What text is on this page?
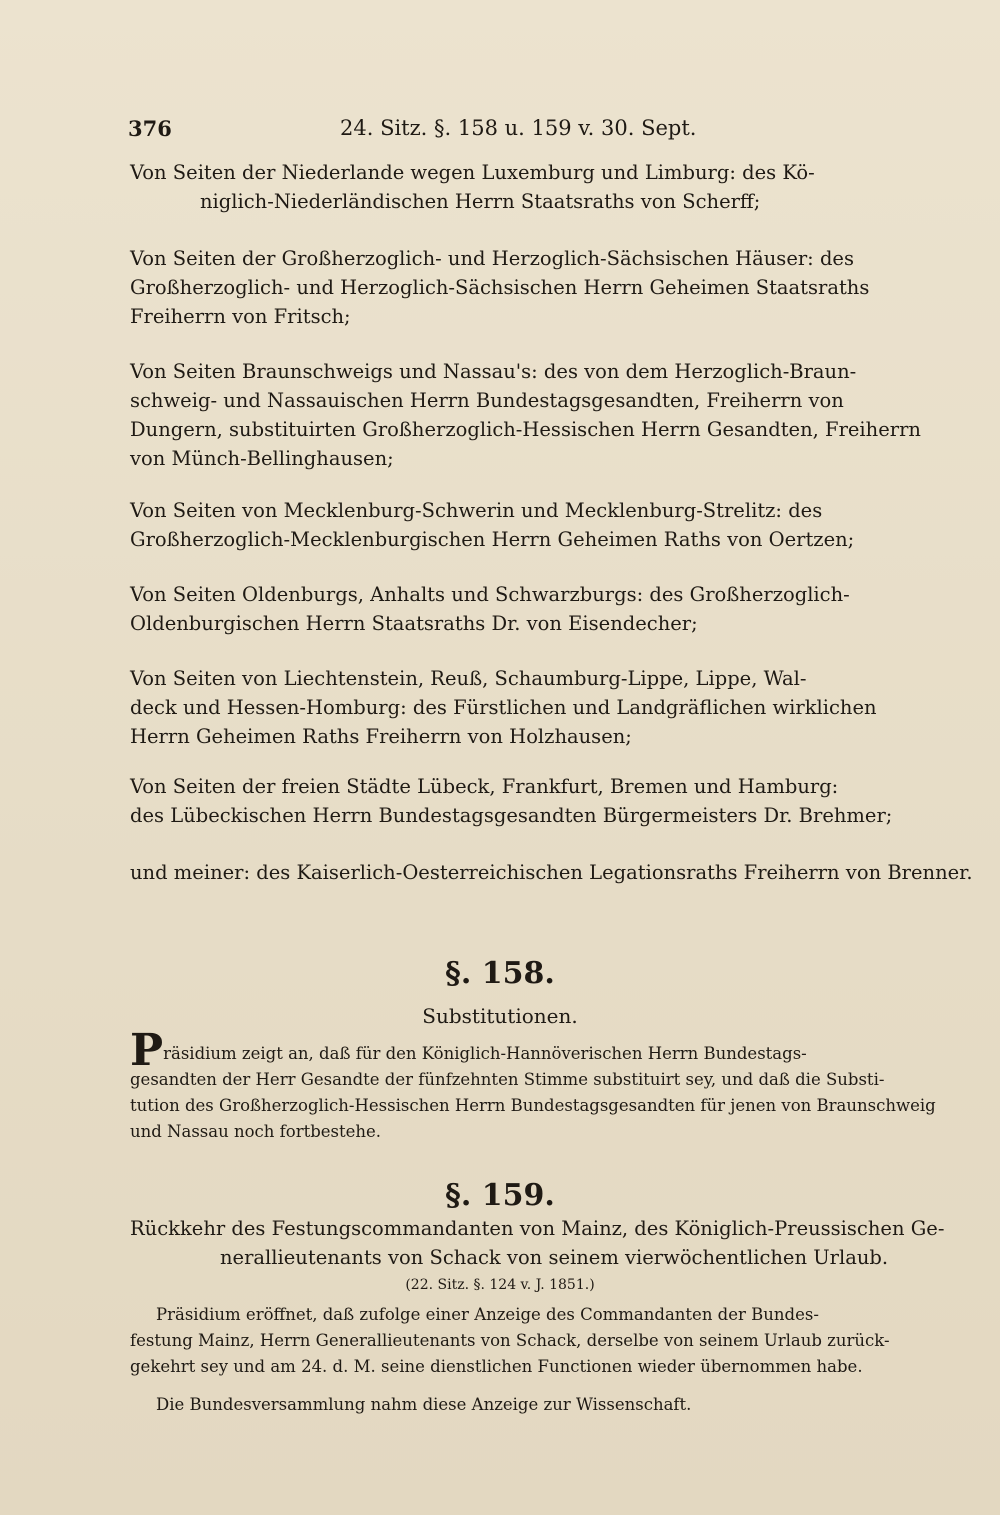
376	24. Sitz. §. 158 u. 159 v. 30. Sept.
Von Seiten der Niederlande wegen Luxemburg und Limburg: des Kö-
niglich-Niederländischen Herrn Staatsraths von Scherff;
Von Seiten der Großherzoglich- und Herzoglich-Sächsischen Häuser: des
Großherzoglich- und Herzoglich-Sächsischen Herrn Geheimen Staatsraths
Freiherrn von Fritsch;
Von Seiten Braunschweigs und Nassau's: des von dem Herzoglich-Braun-
schweig- und Nassauischen Herrn Bundestagsgesandten, Freiherrn von
Dungern, substituirten Großherzoglich-Hessischen Herrn Gesandten, Freiherrn
von Münch-Bellinghausen;
Von Seiten von Mecklenburg-Schwerin und Mecklenburg-Strelitz: des
Großherzoglich-Mecklenburgischen Herrn Geheimen Raths von Oertzen;
Von Seiten Oldenburgs, Anhalts und Schwarzburgs: des Großherzoglich-
Oldenburgischen Herrn Staatsraths Dr. von Eisendecher;
Von Seiten von Liechtenstein, Reuß, Schaumburg-Lippe, Lippe, Wal-
deck und Hessen-Homburg: des Fürstlichen und Landgräflichen wirklichen
Herrn Geheimen Raths Freiherrn von Holzhausen;
Von Seiten der freien Städte Lübeck, Frankfurt, Bremen und Hamburg:
des Lübeckischen Herrn Bundestagsgesandten Bürgermeisters Dr. Brehmer;
und meiner: des Kaiserlich-Oesterreichischen Legationsraths Freiherrn von Brenner.
§. 158.
Substitutionen.
Präsidium zeigt an, daß für den Königlich-Hannöverischen Herrn Bundestags-
gesandten der Herr Gesandte der fünfzehnten Stimme substituirt sey, und daß die Substi-
tution des Großherzoglich-Hessischen Herrn Bundestagsgesandten für jenen von Braunschweig
und Nassau noch fortbestehe.
§. 159.
Rückkehr des Festungscommandanten von Mainz, des Königlich-Preussischen Ge-
nerallieutenants von Schack von seinem vierwöchentlichen Urlaub.
(22. Sitz. §. 124 v. J. 1851.)
Präsidium eröffnet, daß zufolge einer Anzeige des Commandanten der Bundes-
festung Mainz, Herrn Generallieutenants von Schack, derselbe von seinem Urlaub zurück-
gekehrt sey und am 24. d. M. seine dienstlichen Functionen wieder übernommen habe.
Die Bundesversammlung nahm diese Anzeige zur Wissenschaft.
